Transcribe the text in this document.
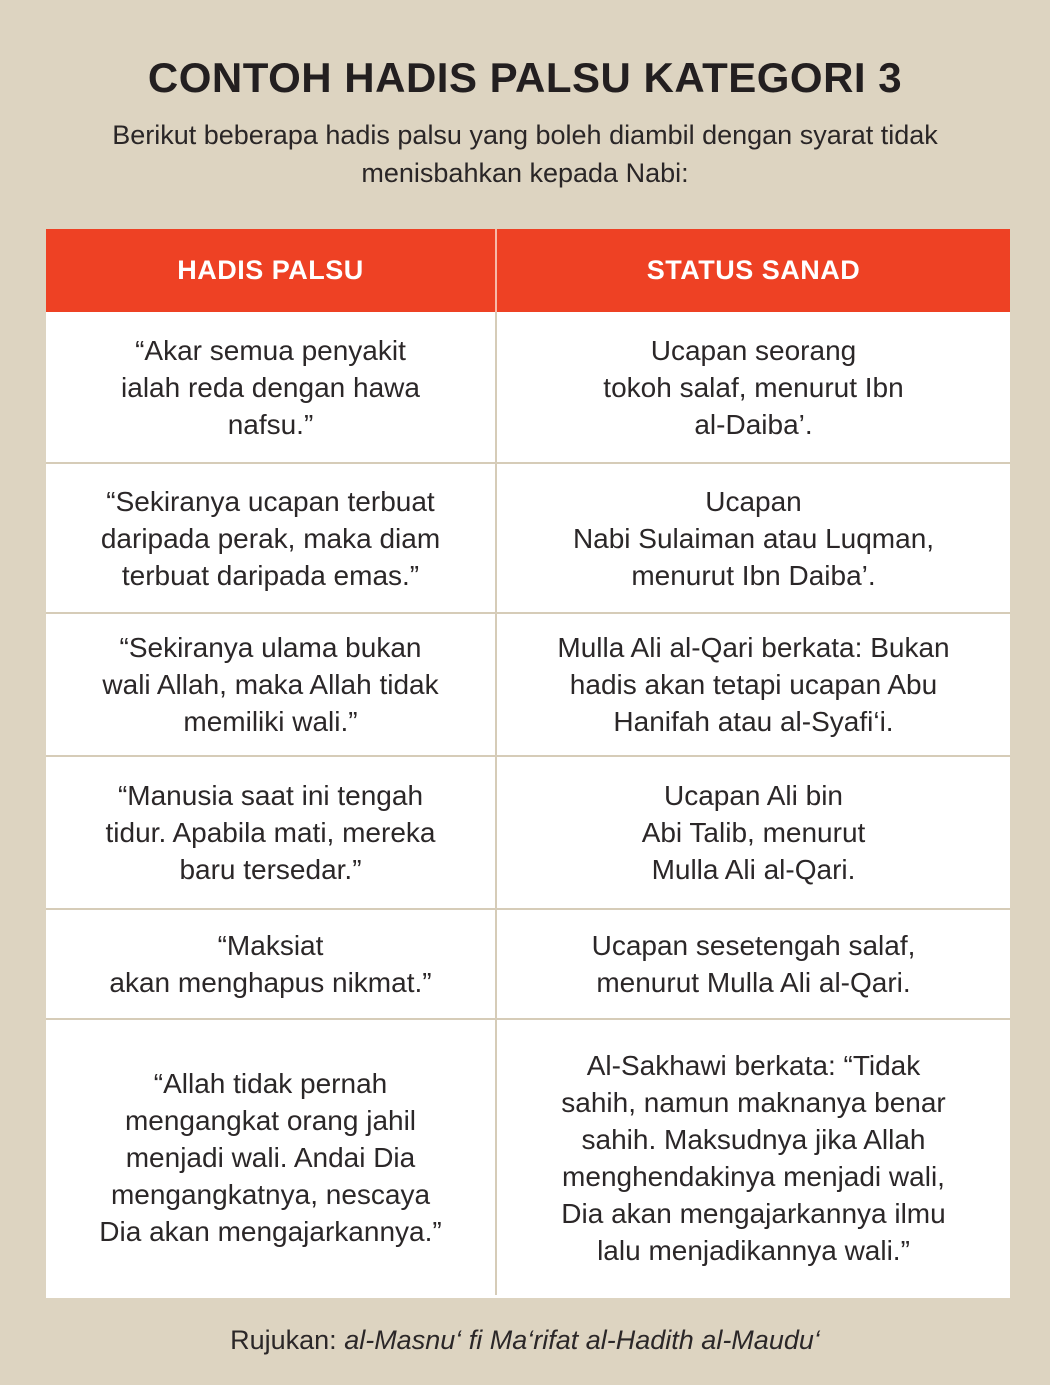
CONTOH HADIS PALSU KATEGORI 3
Berikut beberapa hadis palsu yang boleh diambil dengan syarat tidak
menisbahkan kepada Nabi:
HADIS PALSU	STATUS SANAD
“Akar semua penyakit
ialah reda dengan hawa
nafsu.”
Ucapan seorang
tokoh salaf, menurut Ibn
al-Daiba’.
“Sekiranya ucapan terbuat
daripada perak, maka diam
terbuat daripada emas.”
Ucapan
Nabi Sulaiman atau Luqman,
menurut Ibn Daiba’.
“Sekiranya ulama bukan
wali Allah, maka Allah tidak
memiliki wali.”
Mulla Ali al-Qari berkata: Bukan
hadis akan tetapi ucapan Abu
Hanifah atau al-Syafi‘i.
“Manusia saat ini tengah
tidur. Apabila mati, mereka
baru tersedar.”
Ucapan Ali bin
Abi Talib, menurut
Mulla Ali al-Qari.
“Maksiat
akan menghapus nikmat.”
Ucapan sesetengah salaf,
menurut Mulla Ali al-Qari.
“Allah tidak pernah
mengangkat orang jahil
menjadi wali. Andai Dia
mengangkatnya, nescaya
Dia akan mengajarkannya.”
Al-Sakhawi berkata: “Tidak
sahih, namun maknanya benar
sahih. Maksudnya jika Allah
menghendakinya menjadi wali,
Dia akan mengajarkannya ilmu
lalu menjadikannya wali.”
Rujukan: al-Masnu‘ fi Ma‘rifat al-Hadith al-Maudu‘
